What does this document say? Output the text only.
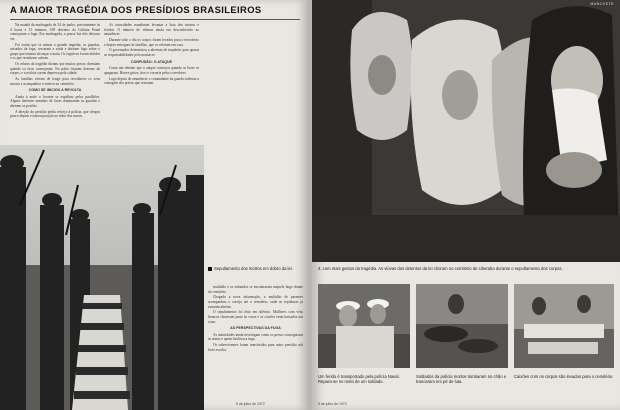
A MAIOR TRAGÉDIA DOS PRESÍDIOS BRASILEIROS

Na manhã da madrugada de 24 de junho, precisamente às 4 horas e 15 minutos, 109 detentos da Colônia Penal começaram a fuga. Era madrugada; a pouca luz não deixava ver.

Foi assim que se armou a grande tragédia: os guardas, avisados da fuga, cercaram a saída e abriram fogo sobre o grupo que tentava alcançar a mata. Os fugitivos foram detidos e os que resistiram caíram.

Os relatos da tragédia diziam que muitos presos dormiam quando os tiros começaram. No pátio ficaram dezenas de corpos, e a notícia correu depressa pela cidade.

As famílias vieram de longe para reconhecer os seus mortos e acompanhar o enterro no cemitério.

COMO SE INICIOU A REVOLTA

Ainda à noite o levante se espalhou pelos pavilhões. Alguns detentos armados de facas dominaram os guardas e abriram os portões.

A direção do presídio pediu reforço à polícia, que chegou pouco depois e tomou posição ao redor dos muros.

As autoridades mandaram levantar a lista dos mortos e feridos. O número de vítimas ainda era desconhecido ao amanhecer.

Durante todo o dia os corpos foram levados para o necrotério e depois entregues às famílias, que os velaram em casa.

O governador determinou a abertura de inquérito para apurar as responsabilidades pelo massacre.

CONFUSÃO: O ATAQUE

Conta um detento que o ataque começou quando as luzes se apagaram. Houve gritos, tiros e correria pelos corredores.

Logo depois de amanhecer o comandante da guarda ordenou a contagem dos presos que restaram.

multidão e os enlutados se encontraram naquele largo diante do cemitério.

Chegada a nova informação, a multidão de parentes acompanhou o cortejo até o cemitério, onde as sepulturas já estavam abertas.

O sepultamento foi feito em silêncio. Mulheres com véus brancos choravam junto às covas e os caixões eram baixados um a um.

AS PERSPECTIVAS DA FUGA

As autoridades ainda investigam como os presos conseguiram as armas e quem facilitou a fuga.

Os sobreviventes foram transferidos para outro presídio sob forte escolta.

5 de julho de 1972
MANCHETE
4, com mais gestos da tragédia. As viúvas dos detentos da lei choram no cemitério de Uberaba durante o sepultamento dos corpos.
Um ferido é transportado pela polícia Naval. Repara-se no rosto de um soldado.
Soldados da polícia mortos tombaram no chão e trancaram em pé de luta.
Caixões com os corpos são levados para o cemitério.
5 de julho de 1972
Sepultamento dos mortos em dobro da lei.
